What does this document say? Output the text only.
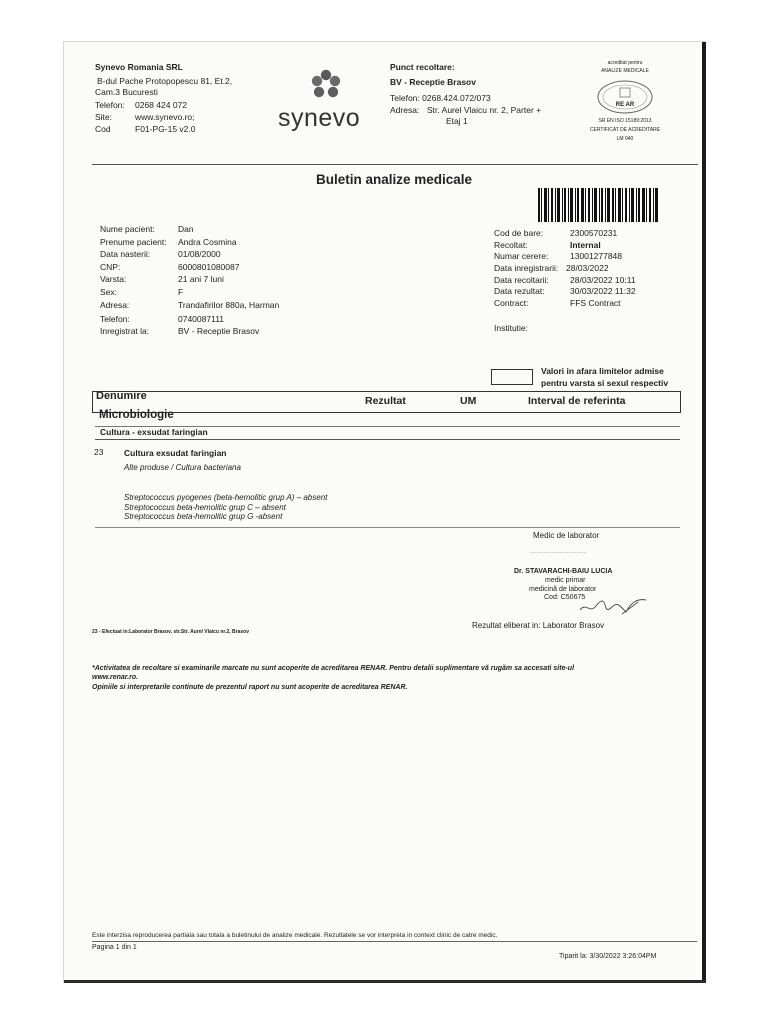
Synevo Romania SRL
B-dul Pache Protopopescu 81, Et.2,
Cam.3 Bucuresti
Telefon: 0268 424 072
Site:	www.synevo.ro;
Cod	F01-PG-15 v2.0	synevo
Punct recoltare:
BV - Receptie Brasov
Telefon: 0268.424.072/073
Adresa: Str. Aurel Vlaicu nr. 2, Parter +
Etaj 1
acreditat pentru
ANALIZE MEDICALE
RE AR
SR EN ISO 15189:2013
CERTIFICAT DE ACREDITARE
LM 040
Buletin analize medicale
Nume pacient:	Dan
Prenume pacient: Andra Cosmina
Data nasterii:	01/08/2000
CNP:	6000801080087
Varsta:	21 ani 7 luni
Sex:	F
Adresa:	Trandafirilor 880a, Harman
Telefon:	0740087111
Inregistrat la:	BV - Receptie Brasov
Cod de bare:	2300570231
Recoltat:	Internal
Numar cerere:	13001277848
Data inregistrarii: 28/03/2022
Data recoltarii: 28/03/2022 10:11
Data rezultat:	30/03/2022 11:32
Contract:	FFS Contract
Institutie:
Valori in afara limitelor admise
pentru varsta si sexul respectiv
Denumire	Rezultat	UM	Interval de referinta
Microbiologie
Cultura - exsudat faringian
23 Cultura exsudat faringian
Alte produse / Cultura bacteriana
Streptococcus pyogenes (beta-hemolitic grup A) – absent
Streptococcus beta-hemolitic grup C – absent
Streptococcus beta-hemolitic grup G -absent
Medic de laborator
..................................
Dr. STAVARACHI-BAIU LUCIA
medic primar
medicină de laborator
Cod: C50675
Rezultat eliberat in: Laborator Brasov
23 - Efectuat in:Laborator Brasov, str.Str. Aurel Vlaicu nr.2, Brasov
*Activitatea de recoltare si examinarile marcate nu sunt acoperite de acreditarea RENAR. Pentru detalii suplimentare vă rugăm sa accesati site-ul
www.renar.ro.
Opiniile si interpretarile continute de prezentul raport nu sunt acoperite de acreditarea RENAR.
Este interzisa reproducerea partiala sau totala a buletinului de analize medicale. Rezultatele se vor interpreta in context clinic de catre medic.
Pagina 1 din 1
Tiparit la: 3/30/2022 3:26:04PM
